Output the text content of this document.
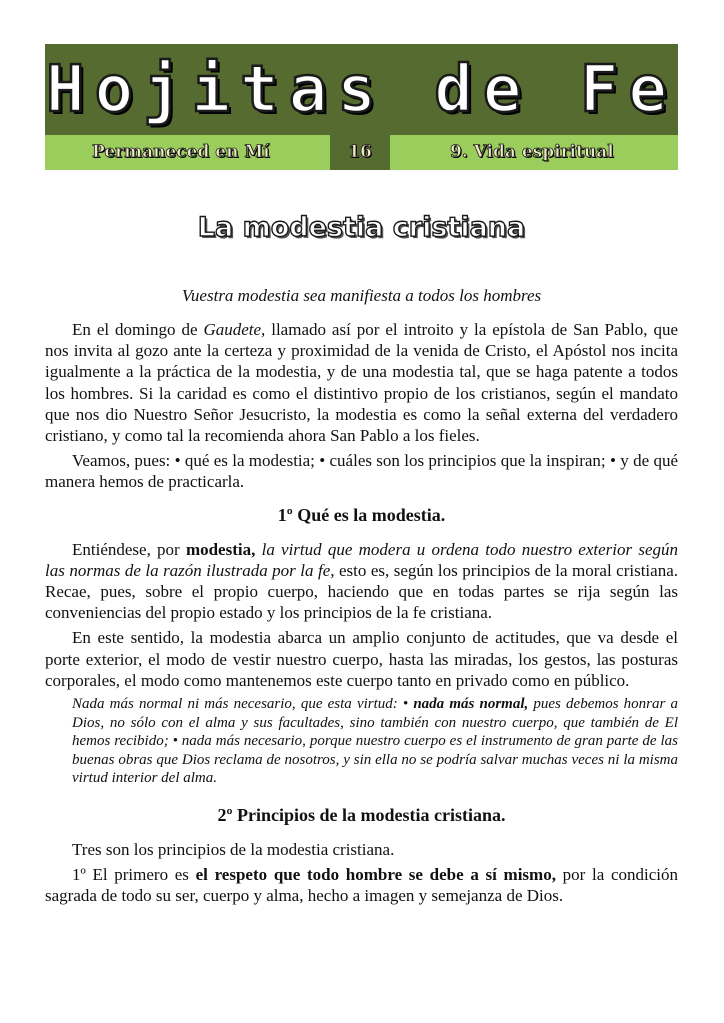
Hojitas de Fe
Permaneced en Mí	16	9. Vida espiritual
La modestia cristiana
Vuestra modestia sea manifiesta a todos los hombres

En el domingo de Gaudete, llamado así por el introito y la epístola de San Pablo, que nos invita al gozo ante la certeza y proximidad de la venida de Cristo, el Apóstol nos incita igualmente a la práctica de la modestia, y de una modestia tal, que se haga patente a todos los hombres. Si la caridad es como el distintivo propio de los cristianos, según el mandato que nos dio Nuestro Señor Jesucristo, la modestia es como la señal externa del verdadero cristiano, y como tal la recomienda ahora San Pablo a los fieles.

Veamos, pues: • qué es la modestia; • cuáles son los principios que la inspiran; • y de qué manera hemos de practicarla.

1º Qué es la modestia.

Entiéndese, por modestia, la virtud que modera u ordena todo nuestro exterior según las normas de la razón ilustrada por la fe, esto es, según los principios de la moral cristiana. Recae, pues, sobre el propio cuerpo, haciendo que en todas partes se rija según las conveniencias del propio estado y los principios de la fe cristiana.

En este sentido, la modestia abarca un amplio conjunto de actitudes, que va desde el porte exterior, el modo de vestir nuestro cuerpo, hasta las miradas, los gestos, las posturas corporales, el modo como mantenemos este cuerpo tanto en privado como en público.

Nada más normal ni más necesario, que esta virtud: • nada más normal, pues debemos honrar a Dios, no sólo con el alma y sus facultades, sino también con nuestro cuerpo, que también de El hemos recibido; • nada más necesario, porque nuestro cuerpo es el instrumento de gran parte de las buenas obras que Dios reclama de nosotros, y sin ella no se podría salvar muchas veces ni la misma virtud interior del alma.
2º Principios de la modestia cristiana.

Tres son los principios de la modestia cristiana.

1º El primero es el respeto que todo hombre se debe a sí mismo, por la condición sagrada de todo su ser, cuerpo y alma, hecho a imagen y semejanza de Dios.
